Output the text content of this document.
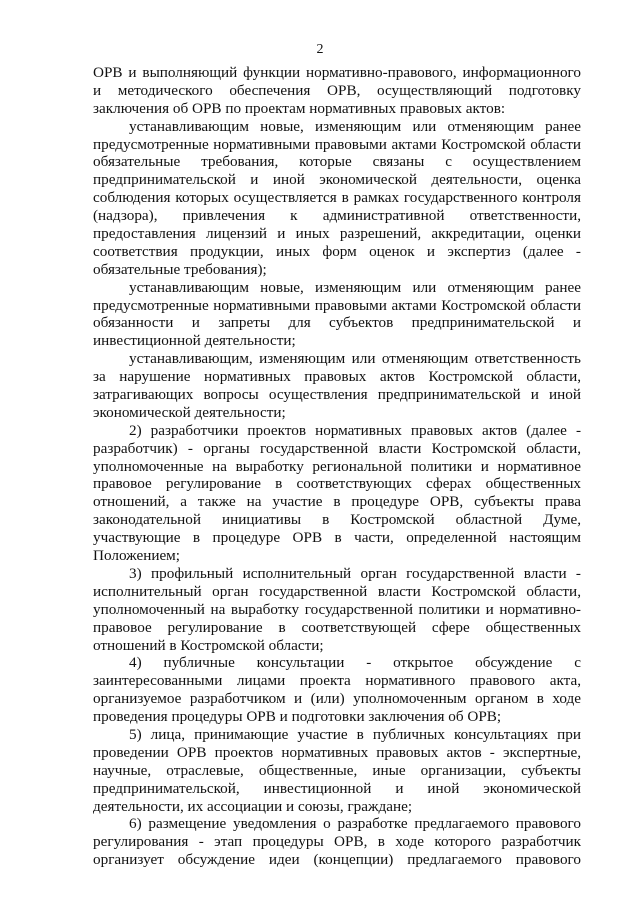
2
ОРВ и выполняющий функции нормативно-правового, информационного
и методического обеспечения ОРВ, осуществляющий подготовку
заключения об ОРВ по проектам нормативных правовых актов:
устанавливающим новые, изменяющим или отменяющим ранее
предусмотренные нормативными правовыми актами Костромской области
обязательные требования, которые связаны с осуществлением
предпринимательской и иной экономической деятельности, оценка
соблюдения которых осуществляется в рамках государственного контроля
(надзора), привлечения к административной ответственности,
предоставления лицензий и иных разрешений, аккредитации, оценки
соответствия продукции, иных форм оценок и экспертиз (далее -
обязательные требования);
устанавливающим новые, изменяющим или отменяющим ранее
предусмотренные нормативными правовыми актами Костромской области
обязанности и запреты для субъектов предпринимательской и
инвестиционной деятельности;
устанавливающим, изменяющим или отменяющим ответственность
за нарушение нормативных правовых актов Костромской области,
затрагивающих вопросы осуществления предпринимательской и иной
экономической деятельности;
2) разработчики проектов нормативных правовых актов (далее -
разработчик) - органы государственной власти Костромской области,
уполномоченные на выработку региональной политики и нормативное
правовое регулирование в соответствующих сферах общественных
отношений, а также на участие в процедуре ОРВ, субъекты права
законодательной инициативы в Костромской областной Думе,
участвующие в процедуре ОРВ в части, определенной настоящим
Положением;
3) профильный исполнительный орган государственной власти -
исполнительный орган государственной власти Костромской области,
уполномоченный на выработку государственной политики и нормативно-
правовое регулирование в соответствующей сфере общественных
отношений в Костромской области;
4) публичные консультации - открытое обсуждение с
заинтересованными лицами проекта нормативного правового акта,
организуемое разработчиком и (или) уполномоченным органом в ходе
проведения процедуры ОРВ и подготовки заключения об ОРВ;
5) лица, принимающие участие в публичных консультациях при
проведении ОРВ проектов нормативных правовых актов - экспертные,
научные, отраслевые, общественные, иные организации, субъекты
предпринимательской, инвестиционной и иной экономической
деятельности, их ассоциации и союзы, граждане;
6) размещение уведомления о разработке предлагаемого правового
регулирования - этап процедуры ОРВ, в ходе которого разработчик
организует обсуждение идеи (концепции) предлагаемого правового
